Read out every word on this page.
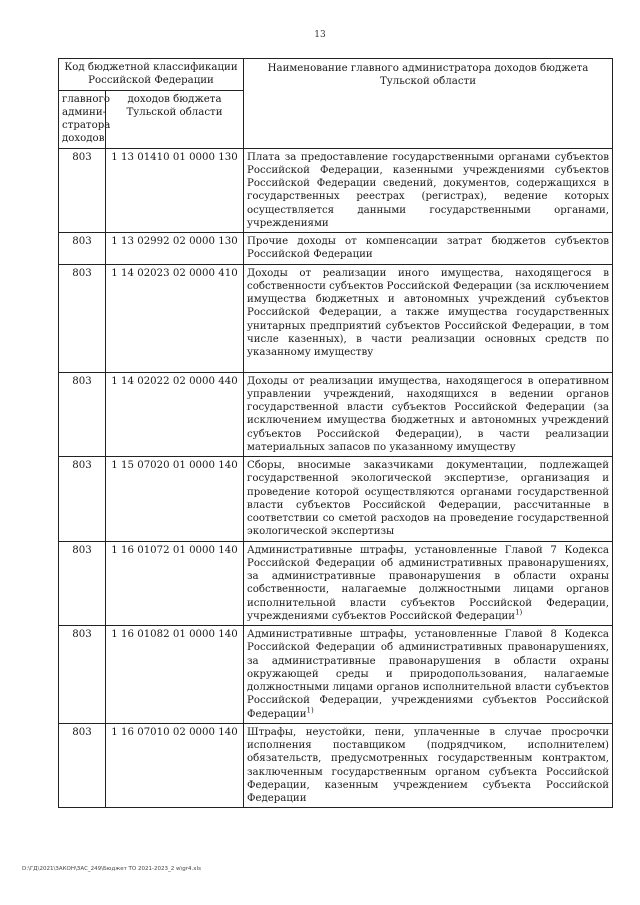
13
Код бюджетной классификации Российской Федерации		Наименование главного администратора доходов бюджета Тульской области
главного админи-стратора доходов	доходов бюджета Тульской области	
803	1 13 01410 01 0000 130	Плата за предоставление государственными органами субъектов Российской Федерации, казенными учреждениями субъектов Российской Федерации сведений, документов, содержащихся в государственных реестрах (регистрах), ведение которых осуществляется данными государственными органами, учреждениями
803	1 13 02992 02 0000 130	Прочие доходы от компенсации затрат бюджетов субъектов Российской Федерации
803	1 14 02023 02 0000 410	Доходы от реализации иного имущества, находящегося в собственности субъектов Российской Федерации (за исключением имущества бюджетных и автономных учреждений субъектов Российской Федерации, а также имущества государственных унитарных предприятий субъектов Российской Федерации, в том числе казенных), в части реализации основных средств по указанному имуществу
803	1 14 02022 02 0000 440	Доходы от реализации имущества, находящегося в оперативном управлении учреждений, находящихся в ведении органов государственной власти субъектов Российской Федерации (за исключением имущества бюджетных и автономных учреждений субъектов Российской Федерации), в части реализации материальных запасов по указанному имуществу
803	1 15 07020 01 0000 140	Сборы, вносимые заказчиками документации, подлежащей государственной экологической экспертизе, организация и проведение которой осуществляются органами государственной власти субъектов Российской Федерации, рассчитанные в соответствии со сметой расходов на проведение государственной экологической экспертизы
803	1 16 01072 01 0000 140	Административные штрафы, установленные Главой 7 Кодекса Российской Федерации об административных правонарушениях, за административные правонарушения в области охраны собственности, налагаемые должностными лицами органов исполнительной власти субъектов Российской Федерации, учреждениями субъектов Российской Федерации$^{1)}$
803	1 16 01082 01 0000 140	Административные штрафы, установленные Главой 8 Кодекса Российской Федерации об административных правонарушениях, за административные правонарушения в области охраны окружающей среды и природопользования, налагаемые должностными лицами органов исполнительной власти субъектов Российской Федерации, учреждениями субъектов Российской Федерации$^{1)}$
803	1 16 07010 02 0000 140	Штрафы, неустойки, пени, уплаченные в случае просрочки исполнения поставщиком (подрядчиком, исполнителем) обязательств, предусмотренных государственным контрактом, заключенным государственным органом субъекта Российской Федерации, казенным учреждением субъекта Российской Федерации
D:\ГД\2021\ЗАКОН\ЗАС_249\Бюджет ТО 2021-2023_2 w\gr4.xls
